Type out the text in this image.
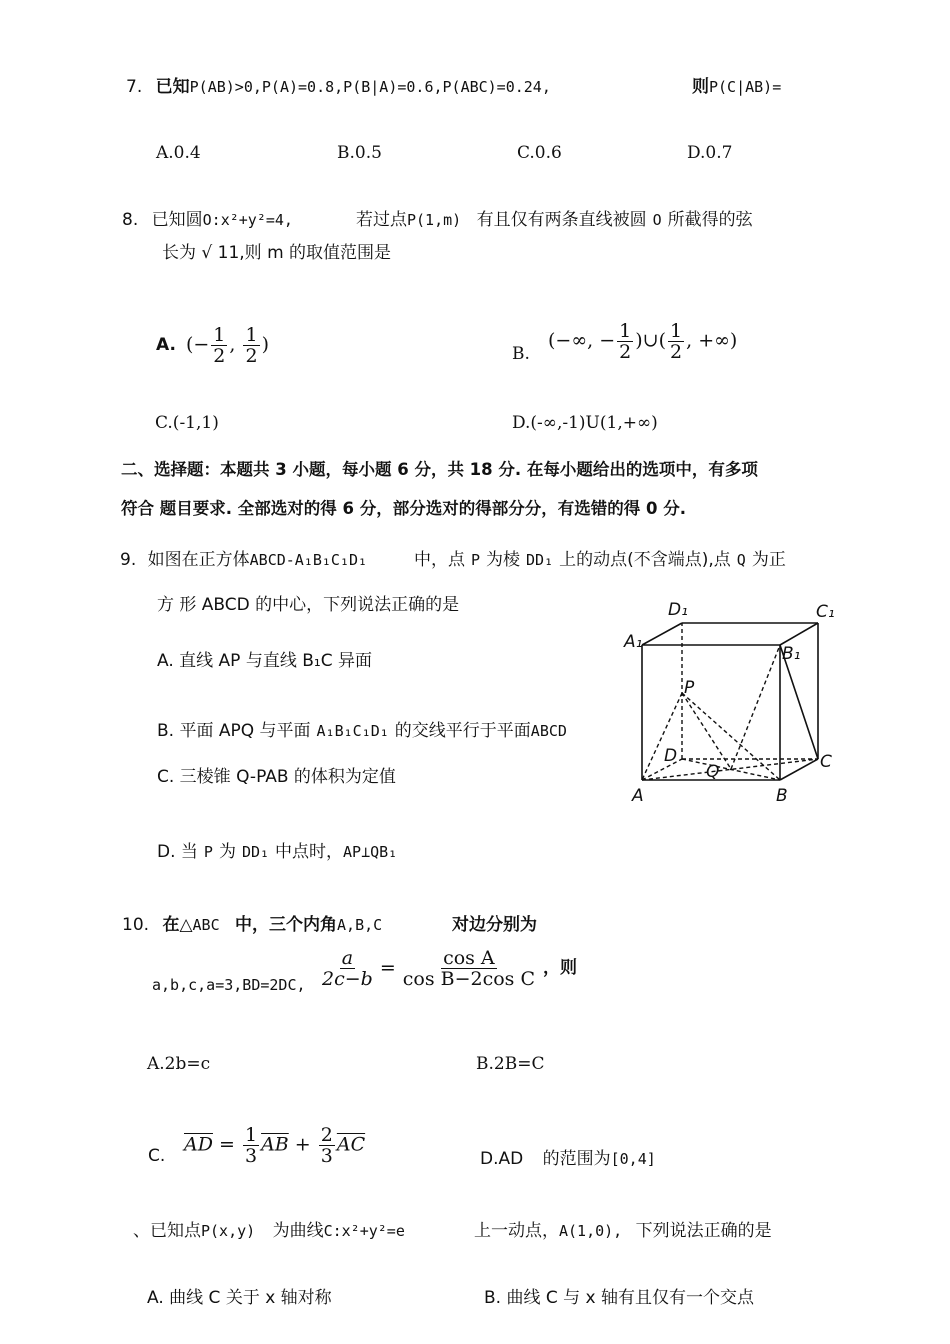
7. 已知P(AB)>0,P(A)=0.8,P(B|A)=0.6,P(ABC)=0.24,	则P(C|AB)=
A.0.4	B.0.5	C.0.6	D.0.7
8. 已知圆O:x²+y²=4,	若过点P(1,m) 有且仅有两条直线被圆 O 所截得的弦
长为 √ 11,则 m 的取值范围是
A. (− $\frac{1}{2}$ , $\frac{1}{2}$ )	B.
(−∞, − $\frac{1}{2}$ )∪( $\frac{1}{2}$ , +∞)
C.(-1,1)	D.(-∞,-1)U(1,+∞)
二、选择题：本题共 3 小题，每小题 6 分，共 18 分. 在每小题给出的选项中，有多项
符合 题目要求. 全部选对的得 6 分，部分选对的得部分分，有选错的得 0 分.
9. 如图在正方体ABCD-A₁B₁C₁D₁	中，点 P 为棱 DD₁ 上的动点(不含端点),点 Q 为正
方 形 ABCD 的中心，下列说法正确的是
A. 直线 AP 与直线 B₁C 异面
B. 平面 APQ 与平面 A₁B₁C₁D₁ 的交线平行于平面ABCD
C. 三棱锥 Q-PAB 的体积为定值
D. 当 P 为 DD₁ 中点时，AP⊥QB₁
D₁	C₁
A₁
B₁
P
D
Q	C
A	B
10. 在△ABC 中，三个内角A,B,C	对边分别为
a,b,c,a=3,BD=2DC, $\frac{a}{2c-b} = \frac{\text{cos A}}{\text{cos B−2cos C}}$ ，则
A.2b=c	B.2B=C
C.
$\overline{AD} = \frac{1}{3} \overline{AB} + \frac{2}{3} \overline{AC}$
D.AD 的范围为[0,4]
、已知点P(x,y) 为曲线C:x²+y²=e	上一动点，A(1,0), 下列说法正确的是
A. 曲线 C 关于 x 轴对称	B. 曲线 C 与 x 轴有且仅有一个交点
